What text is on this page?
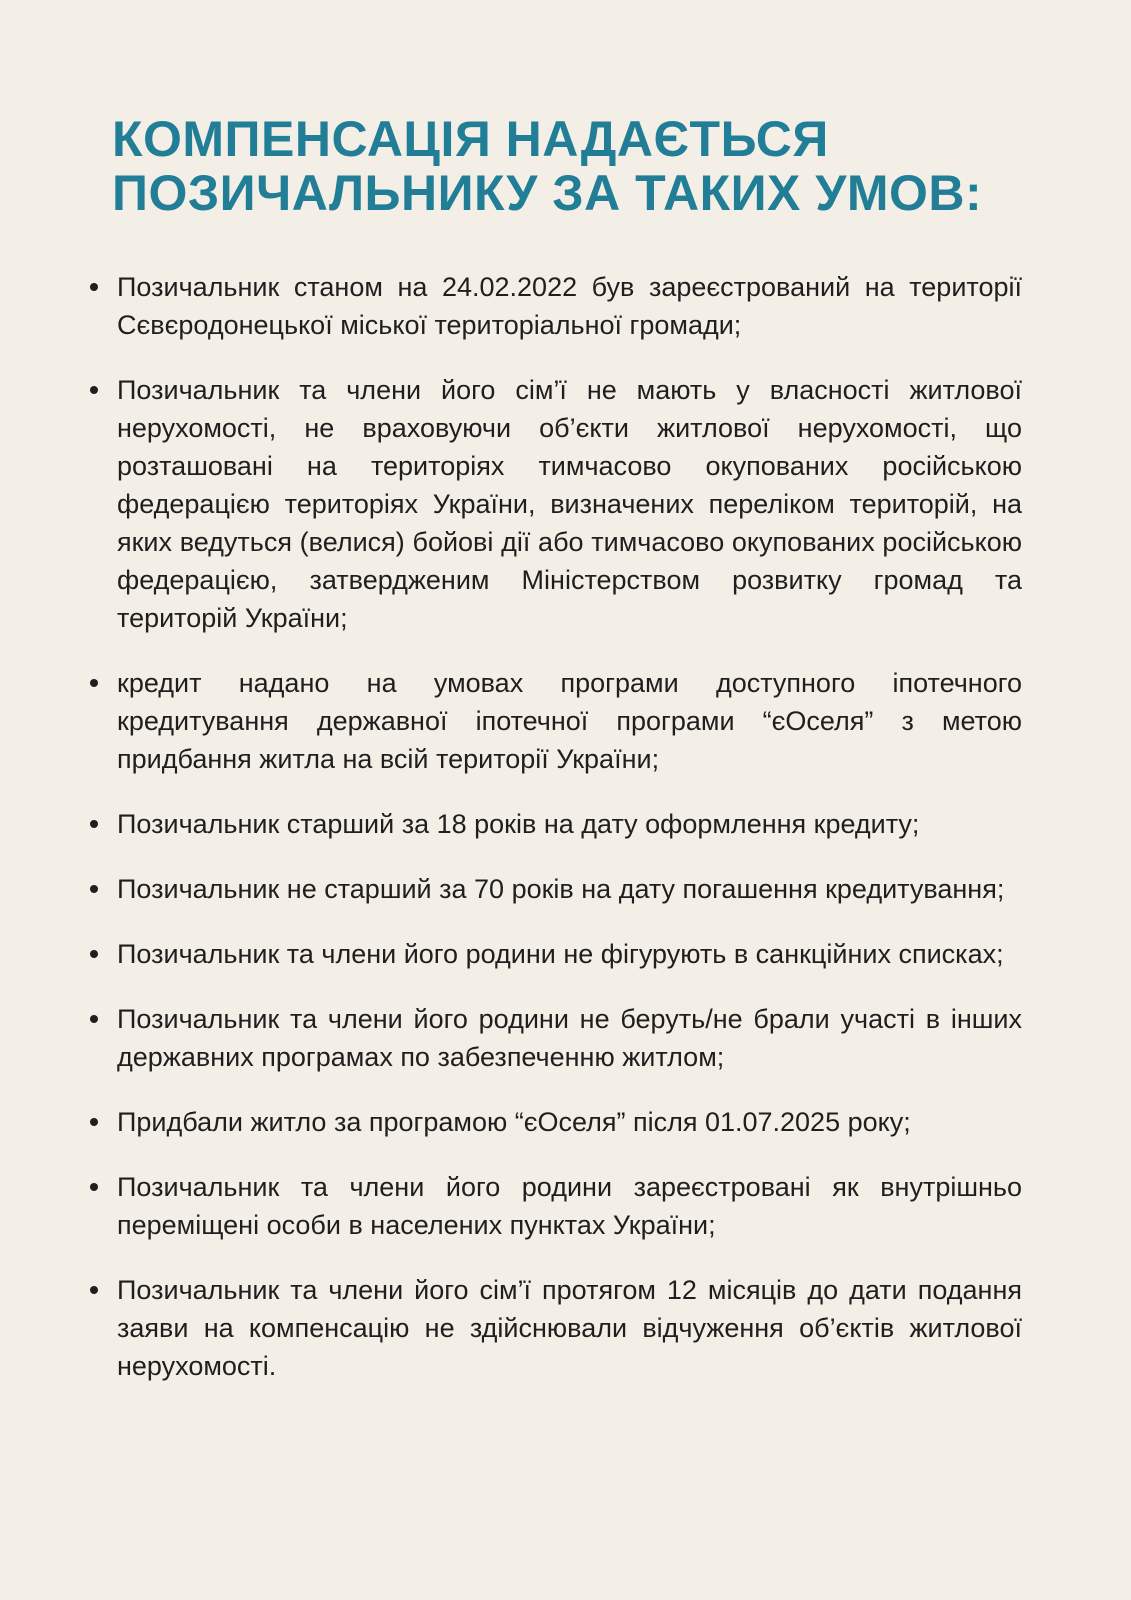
КОМПЕНСАЦІЯ НАДАЄТЬСЯ
ПОЗИЧАЛЬНИКУ ЗА ТАКИХ УМОВ:
Позичальник станом на 24.02.2022 був зареєстрований на території Сєвєродонецької міської територіальної громади;
Позичальник та члени його сім’ї не мають у власності житлової нерухомості, не враховуючи об’єкти житлової нерухомості, що розташовані на територіях тимчасово окупованих російською федерацією територіях України, визначених переліком територій, на яких ведуться (велися) бойові дії або тимчасово окупованих російською федерацією, затвердженим Міністерством розвитку громад та територій України;
кредит надано на умовах програми доступного іпотечного кредитування державної іпотечної програми “єОселя” з метою придбання житла на всій території України;
Позичальник старший за 18 років на дату оформлення кредиту;
Позичальник не старший за 70 років на дату погашення кредитування;
Позичальник та члени його родини не фігурують в санкційних списках;
Позичальник та члени його родини не беруть/не брали участі в інших державних програмах по забезпеченню житлом;
Придбали житло за програмою “єОселя” після 01.07.2025 року;
Позичальник та члени його родини зареєстровані як внутрішньо переміщені особи в населених пунктах України;
Позичальник та члени його сім’ї протягом 12 місяців до дати подання заяви на компенсацію не здійснювали відчуження об’єктів житлової нерухомості.
